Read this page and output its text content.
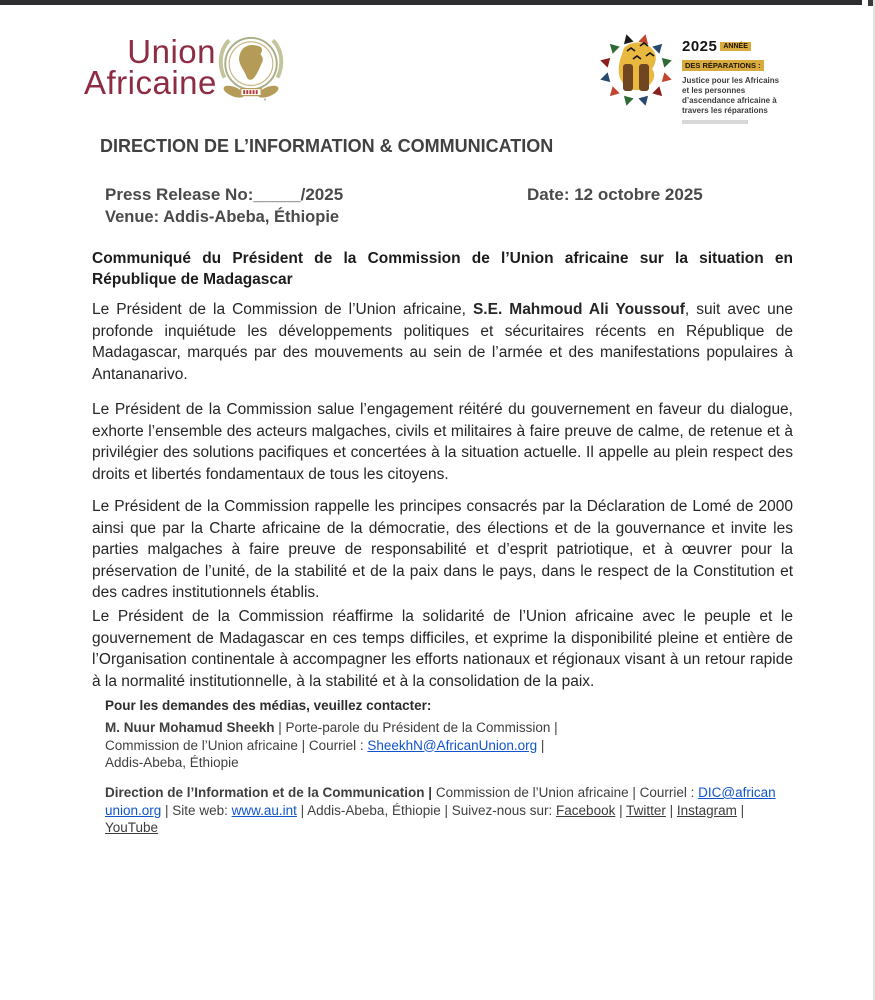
Union
Africaine
2025 ANNÉE
DES RÉPARATIONS :
Justice pour les Africains
et les personnes
d’ascendance africaine à
travers les réparations
DIRECTION DE L’INFORMATION & COMMUNICATION
Press Release No:_____/2025	Date: 12 octobre 2025
Venue: Addis-Abeba, Éthiopie
Communiqué du Président de la Commission de l’Union africaine sur la situation en République de Madagascar
Le Président de la Commission de l’Union africaine, S.E. Mahmoud Ali Youssouf, suit avec une profonde inquiétude les développements politiques et sécuritaires récents en République de Madagascar, marqués par des mouvements au sein de l’armée et des manifestations populaires à Antananarivo.
Le Président de la Commission salue l’engagement réitéré du gouvernement en faveur du dialogue, exhorte l’ensemble des acteurs malgaches, civils et militaires à faire preuve de calme, de retenue et à privilégier des solutions pacifiques et concertées à la situation actuelle. Il appelle au plein respect des droits et libertés fondamentaux de tous les citoyens.
Le Président de la Commission rappelle les principes consacrés par la Déclaration de Lomé de 2000 ainsi que par la Charte africaine de la démocratie, des élections et de la gouvernance et invite les parties malgaches à faire preuve de responsabilité et d’esprit patriotique, et à œuvrer pour la préservation de l’unité, de la stabilité et de la paix dans le pays, dans le respect de la Constitution et des cadres institutionnels établis.
Le Président de la Commission réaffirme la solidarité de l’Union africaine avec le peuple et le gouvernement de Madagascar en ces temps difficiles, et exprime la disponibilité pleine et entière de l’Organisation continentale à accompagner les efforts nationaux et régionaux visant à un retour rapide à la normalité institutionnelle, à la stabilité et à la consolidation de la paix.
Pour les demandes des médias, veuillez contacter:
M. Nuur Mohamud Sheekh | Porte-parole du Président de la Commission |
Commission de l’Union africaine | Courriel : SheekhN@AfricanUnion.org |
Addis-Abeba, Éthiopie
Direction de l’Information et de la Communication | Commission de l’Union africaine | Courriel : DIC@african
union.org | Site web: www.au.int | Addis-Abeba, Éthiopie | Suivez-nous sur: Facebook | Twitter | Instagram |
YouTube
